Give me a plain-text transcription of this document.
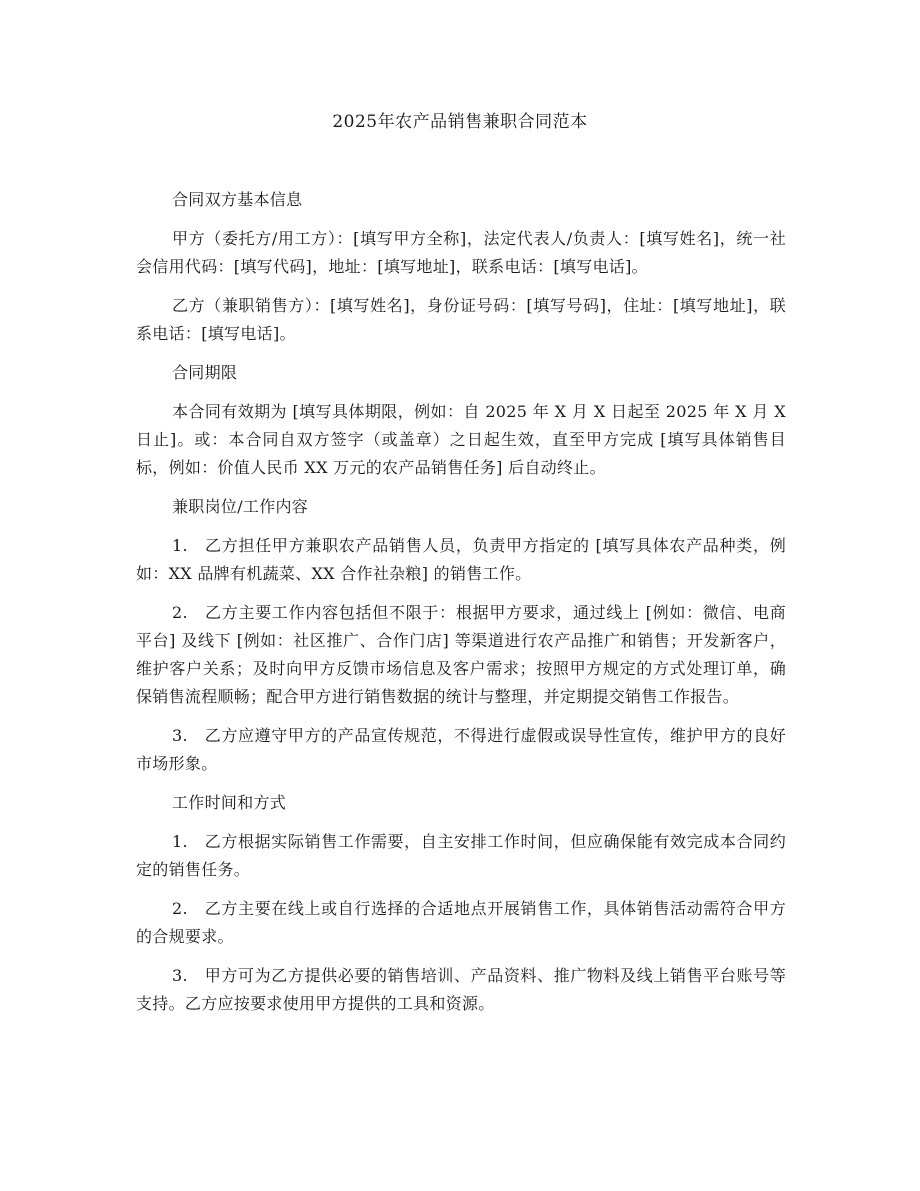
2025年农产品销售兼职合同范本
合同双方基本信息

甲方（委托方/用工方）：[填写甲方全称]，法定代表人/负责人：[填写姓名]，统一社会信用代码：[填写代码]，地址：[填写地址]，联系电话：[填写电话]。

乙方（兼职销售方）：[填写姓名]，身份证号码：[填写号码]，住址：[填写地址]，联系电话：[填写电话]。

合同期限

本合同有效期为 [填写具体期限，例如：自 2025 年 X 月 X 日起至 2025 年 X 月 X 日止]。或：本合同自双方签字（或盖章）之日起生效，直至甲方完成 [填写具体销售目标，例如：价值人民币 XX 万元的农产品销售任务] 后自动终止。

兼职岗位/工作内容

1.　乙方担任甲方兼职农产品销售人员，负责甲方指定的 [填写具体农产品种类，例如：XX 品牌有机蔬菜、XX 合作社杂粮] 的销售工作。

2.　乙方主要工作内容包括但不限于：根据甲方要求，通过线上 [例如：微信、电商平台] 及线下 [例如：社区推广、合作门店] 等渠道进行农产品推广和销售；开发新客户，维护客户关系；及时向甲方反馈市场信息及客户需求；按照甲方规定的方式处理订单，确保销售流程顺畅；配合甲方进行销售数据的统计与整理，并定期提交销售工作报告。

3.　乙方应遵守甲方的产品宣传规范，不得进行虚假或误导性宣传，维护甲方的良好市场形象。

工作时间和方式

1.　乙方根据实际销售工作需要，自主安排工作时间，但应确保能有效完成本合同约定的销售任务。

2.　乙方主要在线上或自行选择的合适地点开展销售工作，具体销售活动需符合甲方的合规要求。

3.　甲方可为乙方提供必要的销售培训、产品资料、推广物料及线上销售平台账号等支持。乙方应按要求使用甲方提供的工具和资源。
